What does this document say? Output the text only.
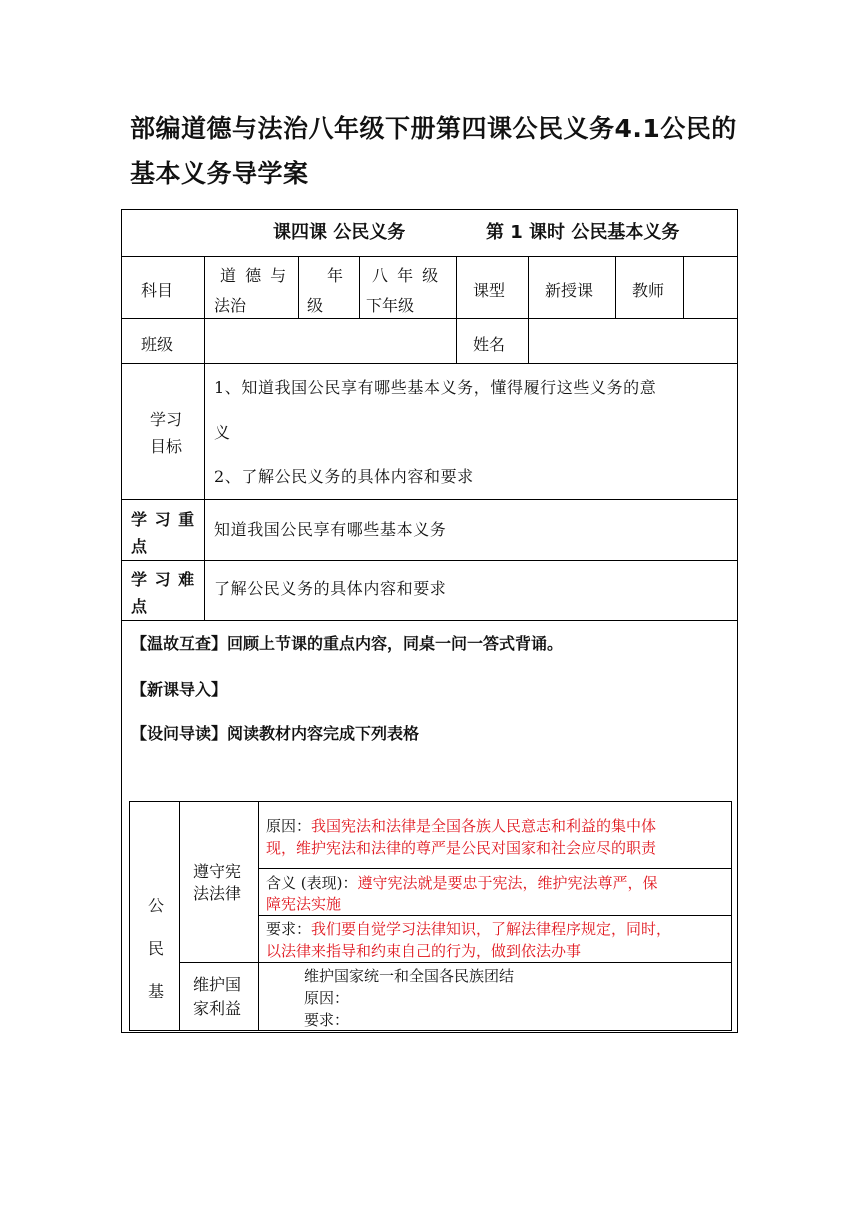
部编道德与法治八年级下册第四课公民义务4.1公民的基本义务导学案
课四课 公民义务	第 1 课时 公民基本义务
科目
道 德 与
法治
年
级
八 年 级
下年级
课型 新授课 教师
班级	姓名
学习
目标
1、知道我国公民享有哪些基本义务，懂得履行这些义务的意
义
2、了解公民义务的具体内容和要求
学 习 重
点
知道我国公民享有哪些基本义务
学 习 难
点
了解公民义务的具体内容和要求
【温故互查】回顾上节课的重点内容，同桌一问一答式背诵。
【新课导入】
【设问导读】阅读教材内容完成下列表格
公
民
基
遵守宪
法法律
原因：我国宪法和法律是全国各族人民意志和利益的集中体
现，维护宪法和法律的尊严是公民对国家和社会应尽的职责
含义 (表现)：遵守宪法就是要忠于宪法，维护宪法尊严，保
障宪法实施
要求：我们要自觉学习法律知识，了解法律程序规定，同时，
以法律来指导和约束自己的行为，做到依法办事
维护国
家利益
维护国家统一和全国各民族团结
原因：
要求：
